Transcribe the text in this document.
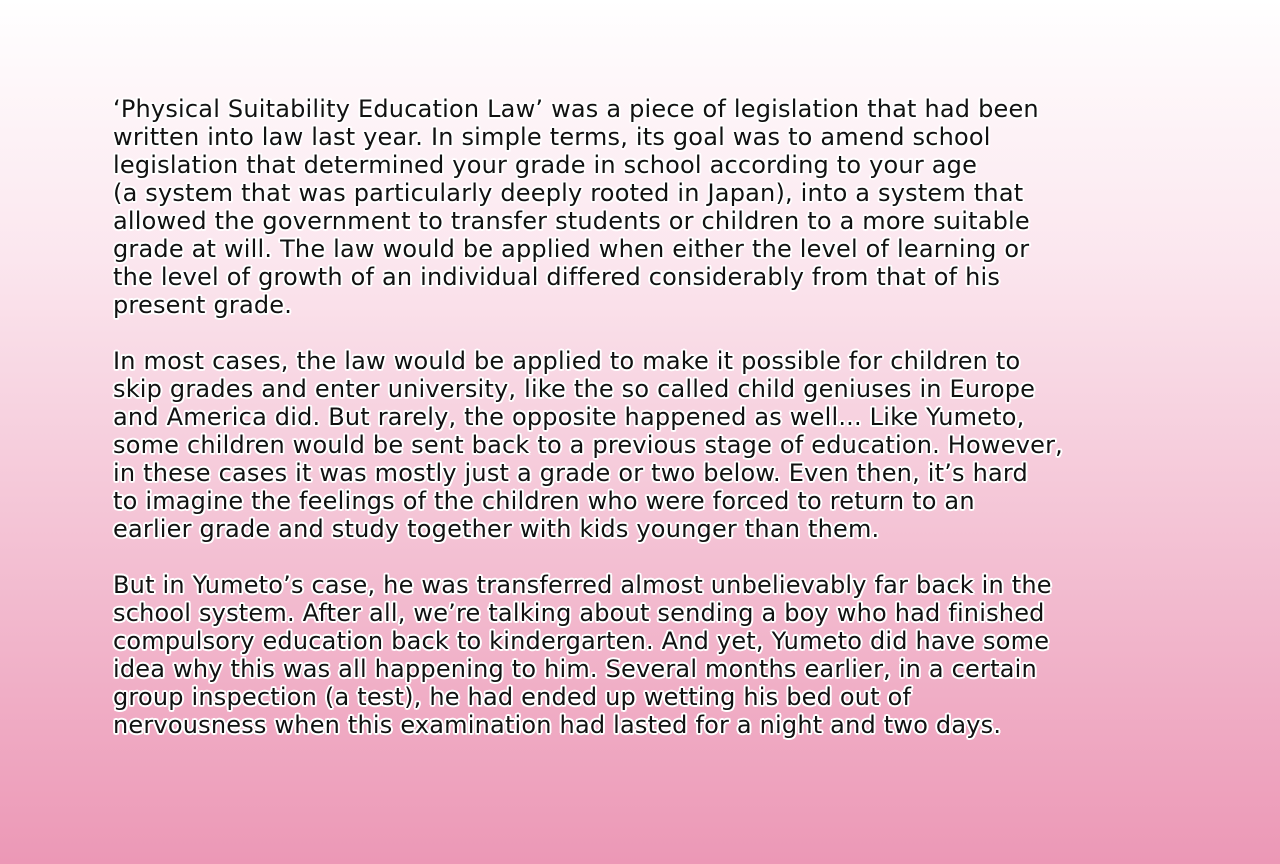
‘Physical Suitability Education Law’ was a piece of legislation that had been
written into law last year. In simple terms, its goal was to amend school
legislation that determined your grade in school according to your age
(a system that was particularly deeply rooted in Japan), into a system that
allowed the government to transfer students or children to a more suitable
grade at will. The law would be applied when either the level of learning or
the level of growth of an individual differed considerably from that of his
present grade.
In most cases, the law would be applied to make it possible for children to
skip grades and enter university, like the so called child geniuses in Europe
and America did. But rarely, the opposite happened as well... Like Yumeto,
some children would be sent back to a previous stage of education. However,
in these cases it was mostly just a grade or two below. Even then, it’s hard
to imagine the feelings of the children who were forced to return to an
earlier grade and study together with kids younger than them.
But in Yumeto’s case, he was transferred almost unbelievably far back in the
school system. After all, we’re talking about sending a boy who had finished
compulsory education back to kindergarten. And yet, Yumeto did have some
idea why this was all happening to him. Several months earlier, in a certain
group inspection (a test), he had ended up wetting his bed out of
nervousness when this examination had lasted for a night and two days.
